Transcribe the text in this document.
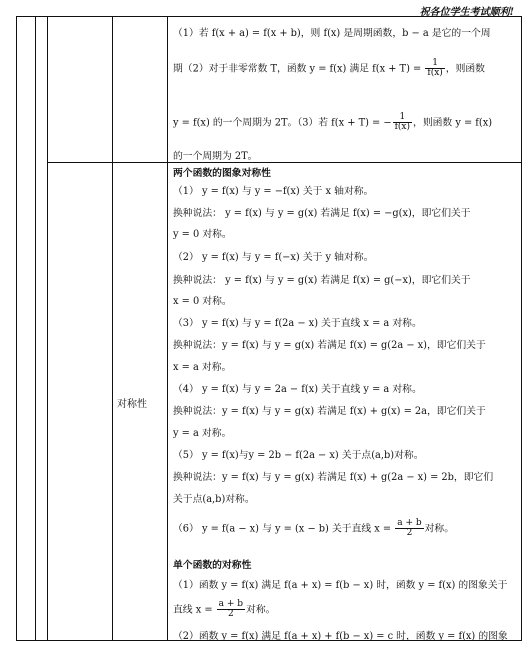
祝各位学生考试顺利!
对称性
（1）若 f(x + a) = f(x + b)，则 f(x) 是周期函数，b − a 是它的一个周
期（2）对于非零常数 T，函数 y = f(x) 满足 $f(x + T) = \frac{1}{f(x)}$ ，则函数
y = f(x) 的一个周期为 2T。（3）若 f(x + T) = − $\frac{1}{f(x)}$ ，则函数 y = f(x)
的一个周期为 2T。
两个函数的图象对称性
（1） y = f(x) 与 y = −f(x) 关于 x 轴对称。
换种说法： y = f(x) 与 y = g(x) 若满足 f(x) = −g(x)，即它们关于
y = 0 对称。
（2） y = f(x) 与 y = f(−x) 关于 y 轴对称。
换种说法： y = f(x) 与 y = g(x) 若满足 f(x) = g(−x)，即它们关于
x = 0 对称。
（3） y = f(x) 与 y = f(2a − x) 关于直线 x = a 对称。
换种说法：y = f(x) 与 y = g(x) 若满足 f(x) = g(2a − x)，即它们关于
x = a 对称。
（4） y = f(x) 与 y = 2a − f(x) 关于直线 y = a 对称。
换种说法：y = f(x) 与 y = g(x) 若满足 f(x) + g(x) = 2a，即它们关于
y = a 对称。
（5） y = f(x)与y = 2b − f(2a − x) 关于点(a,b)对称。
换种说法：y = f(x) 与 y = g(x) 若满足 f(x) + g(2a − x) = 2b，即它们
关于点(a,b)对称。
（6） y = f(a − x) 与 y = (x − b) 关于直线 $x = \frac{a + b}{2}$ 对称。
单个函数的对称性
（1）函数 y = f(x) 满足 f(a + x) = f(b − x) 时，函数 y = f(x) 的图象关于
直线 $x = \frac{a + b}{2}$ 对称。
（2）函数 y = f(x) 满足 f(a + x) + f(b − x) = c 时，函数 y = f(x) 的图象
